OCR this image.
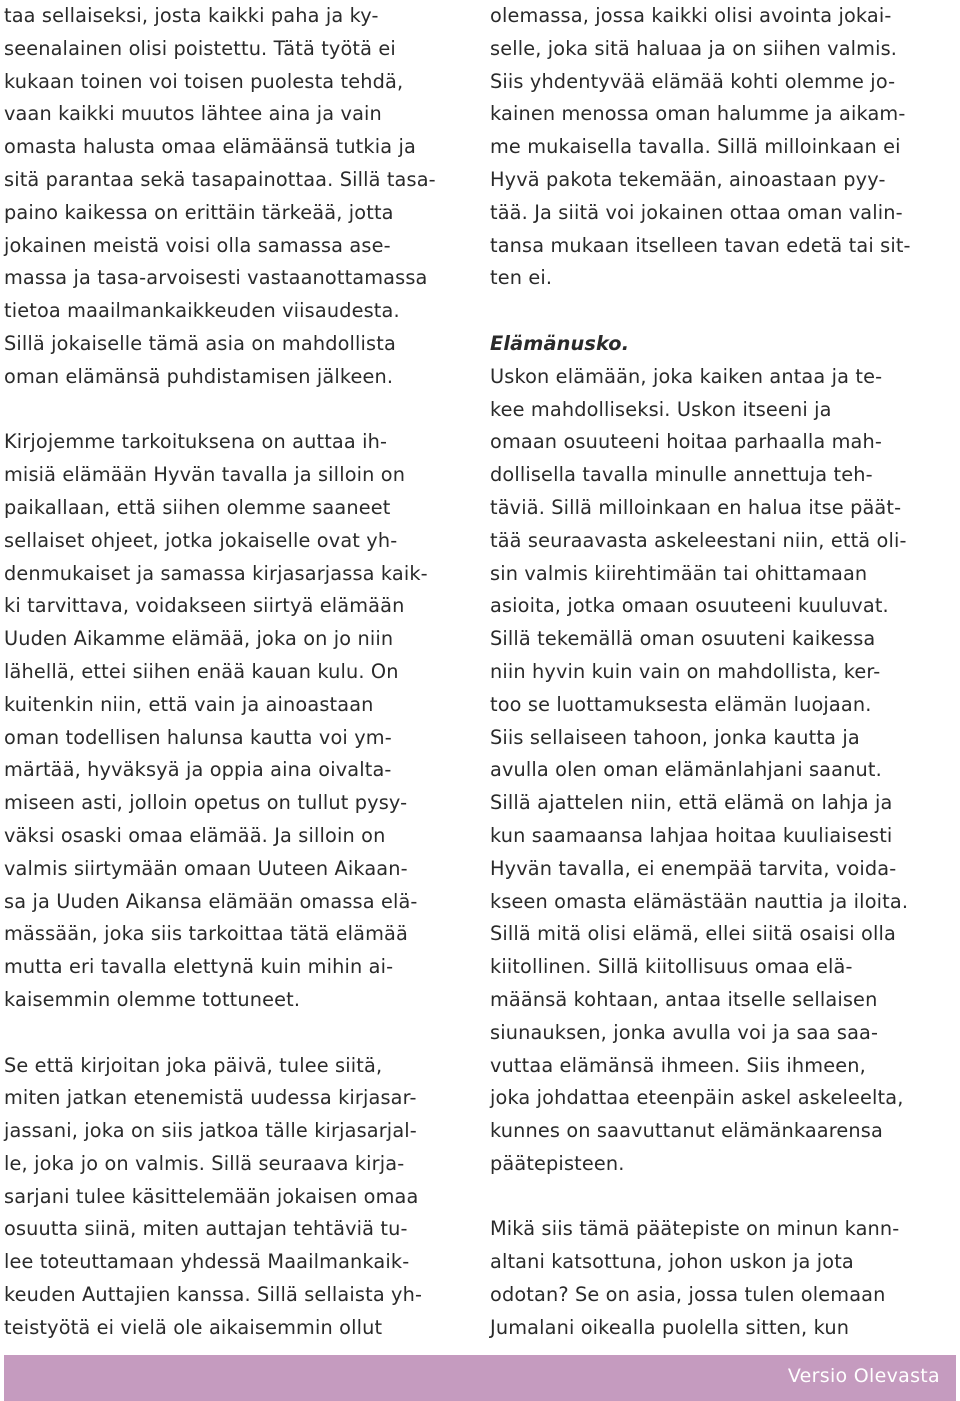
taa sellaiseksi, josta kaikki paha ja ky-
seenalainen olisi poistettu. Tätä työtä ei
kukaan toinen voi toisen puolesta tehdä,
vaan kaikki muutos lähtee aina ja vain
omasta halusta omaa elämäänsä tutkia ja
sitä parantaa sekä tasapainottaa. Sillä tasa-
paino kaikessa on erittäin tärkeää, jotta
jokainen meistä voisi olla samassa ase-
massa ja tasa-arvoisesti vastaanottamassa
tietoa maailmankaikkeuden viisaudesta.
Sillä jokaiselle tämä asia on mahdollista
oman elämänsä puhdistamisen jälkeen.
Kirjojemme tarkoituksena on auttaa ih-
misiä elämään Hyvän tavalla ja silloin on
paikallaan, että siihen olemme saaneet
sellaiset ohjeet, jotka jokaiselle ovat yh-
denmukaiset ja samassa kirjasarjassa kaik-
ki tarvittava, voidakseen siirtyä elämään
Uuden Aikamme elämää, joka on jo niin
lähellä, ettei siihen enää kauan kulu. On
kuitenkin niin, että vain ja ainoastaan
oman todellisen halunsa kautta voi ym-
märtää, hyväksyä ja oppia aina oivalta-
miseen asti, jolloin opetus on tullut pysy-
väksi osaski omaa elämää. Ja silloin on
valmis siirtymään omaan Uuteen Aikaan-
sa ja Uuden Aikansa elämään omassa elä-
mässään, joka siis tarkoittaa tätä elämää
mutta eri tavalla elettynä kuin mihin ai-
kaisemmin olemme tottuneet.
Se että kirjoitan joka päivä, tulee siitä,
miten jatkan etenemistä uudessa kirjasar-
jassani, joka on siis jatkoa tälle kirjasarjal-
le, joka jo on valmis. Sillä seuraava kirja-
sarjani tulee käsittelemään jokaisen omaa
osuutta siinä, miten auttajan tehtäviä tu-
lee toteuttamaan yhdessä Maailmankaik-
keuden Auttajien kanssa. Sillä sellaista yh-
teistyötä ei vielä ole aikaisemmin ollut
olemassa, jossa kaikki olisi avointa jokai-
selle, joka sitä haluaa ja on siihen valmis.
Siis yhdentyvää elämää kohti olemme jo-
kainen menossa oman halumme ja aikam-
me mukaisella tavalla. Sillä milloinkaan ei
Hyvä pakota tekemään, ainoastaan pyy-
tää. Ja siitä voi jokainen ottaa oman valin-
tansa mukaan itselleen tavan edetä tai sit-
ten ei.
Elämänusko.
Uskon elämään, joka kaiken antaa ja te-
kee mahdolliseksi. Uskon itseeni ja
omaan osuuteeni hoitaa parhaalla mah-
dollisella tavalla minulle annettuja teh-
täviä. Sillä milloinkaan en halua itse päät-
tää seuraavasta askeleestani niin, että oli-
sin valmis kiirehtimään tai ohittamaan
asioita, jotka omaan osuuteeni kuuluvat.
Sillä tekemällä oman osuuteni kaikessa
niin hyvin kuin vain on mahdollista, ker-
too se luottamuksesta elämän luojaan.
Siis sellaiseen tahoon, jonka kautta ja
avulla olen oman elämänlahjani saanut.
Sillä ajattelen niin, että elämä on lahja ja
kun saamaansa lahjaa hoitaa kuuliaisesti
Hyvän tavalla, ei enempää tarvita, voida-
kseen omasta elämästään nauttia ja iloita.
Sillä mitä olisi elämä, ellei siitä osaisi olla
kiitollinen. Sillä kiitollisuus omaa elä-
määnsä kohtaan, antaa itselle sellaisen
siunauksen, jonka avulla voi ja saa saa-
vuttaa elämänsä ihmeen. Siis ihmeen,
joka johdattaa eteenpäin askel askeleelta,
kunnes on saavuttanut elämänkaarensa
päätepisteen.
Mikä siis tämä päätepiste on minun kann-
altani katsottuna, johon uskon ja jota
odotan? Se on asia, jossa tulen olemaan
Jumalani oikealla puolella sitten, kun
Versio Olevasta
